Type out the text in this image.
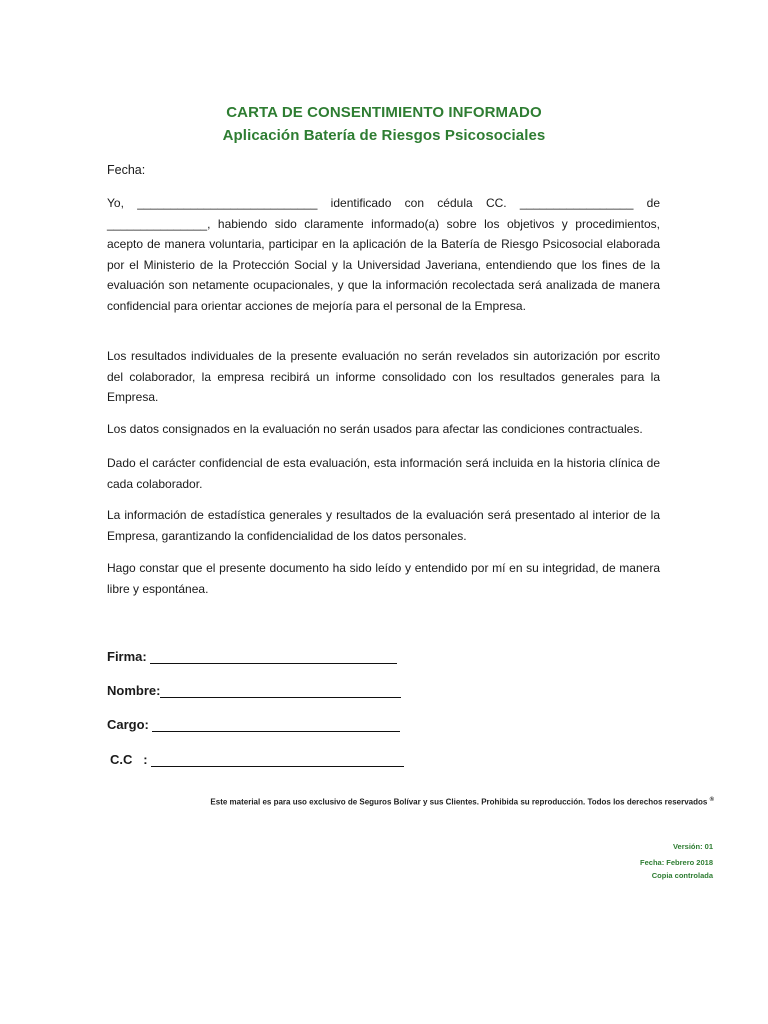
CARTA DE CONSENTIMIENTO INFORMADO
Aplicación Batería de Riesgos Psicosociales
Fecha:
Yo, ___________________________ identificado con cédula CC. _________________ de _______________, habiendo sido claramente informado(a) sobre los objetivos y procedimientos, acepto de manera voluntaria, participar en la aplicación de la Batería de Riesgo Psicosocial elaborada por el Ministerio de la Protección Social y la Universidad Javeriana, entendiendo que los fines de la evaluación son netamente ocupacionales, y que la información recolectada será analizada de manera confidencial para orientar acciones de mejoría para el personal de la Empresa.
Los resultados individuales de la presente evaluación no serán revelados sin autorización por escrito del colaborador, la empresa recibirá un informe consolidado con los resultados generales para la Empresa.
Los datos consignados en la evaluación no serán usados para afectar las condiciones contractuales.
Dado el carácter confidencial de esta evaluación, esta información será incluida en la historia clínica de cada colaborador.
La información de estadística generales y resultados de la evaluación será presentado al interior de la Empresa, garantizando la confidencialidad de los datos personales.
Hago constar que el presente documento ha sido leído y entendido por mí en su integridad, de manera libre y espontánea.
Firma:
Nombre:
Cargo:
C.C   :
Este material es para uso exclusivo de Seguros Bolívar y sus Clientes. Prohibida su reproducción. Todos los derechos reservados ®
Versión: 01
Fecha: Febrero 2018
Copia controlada
